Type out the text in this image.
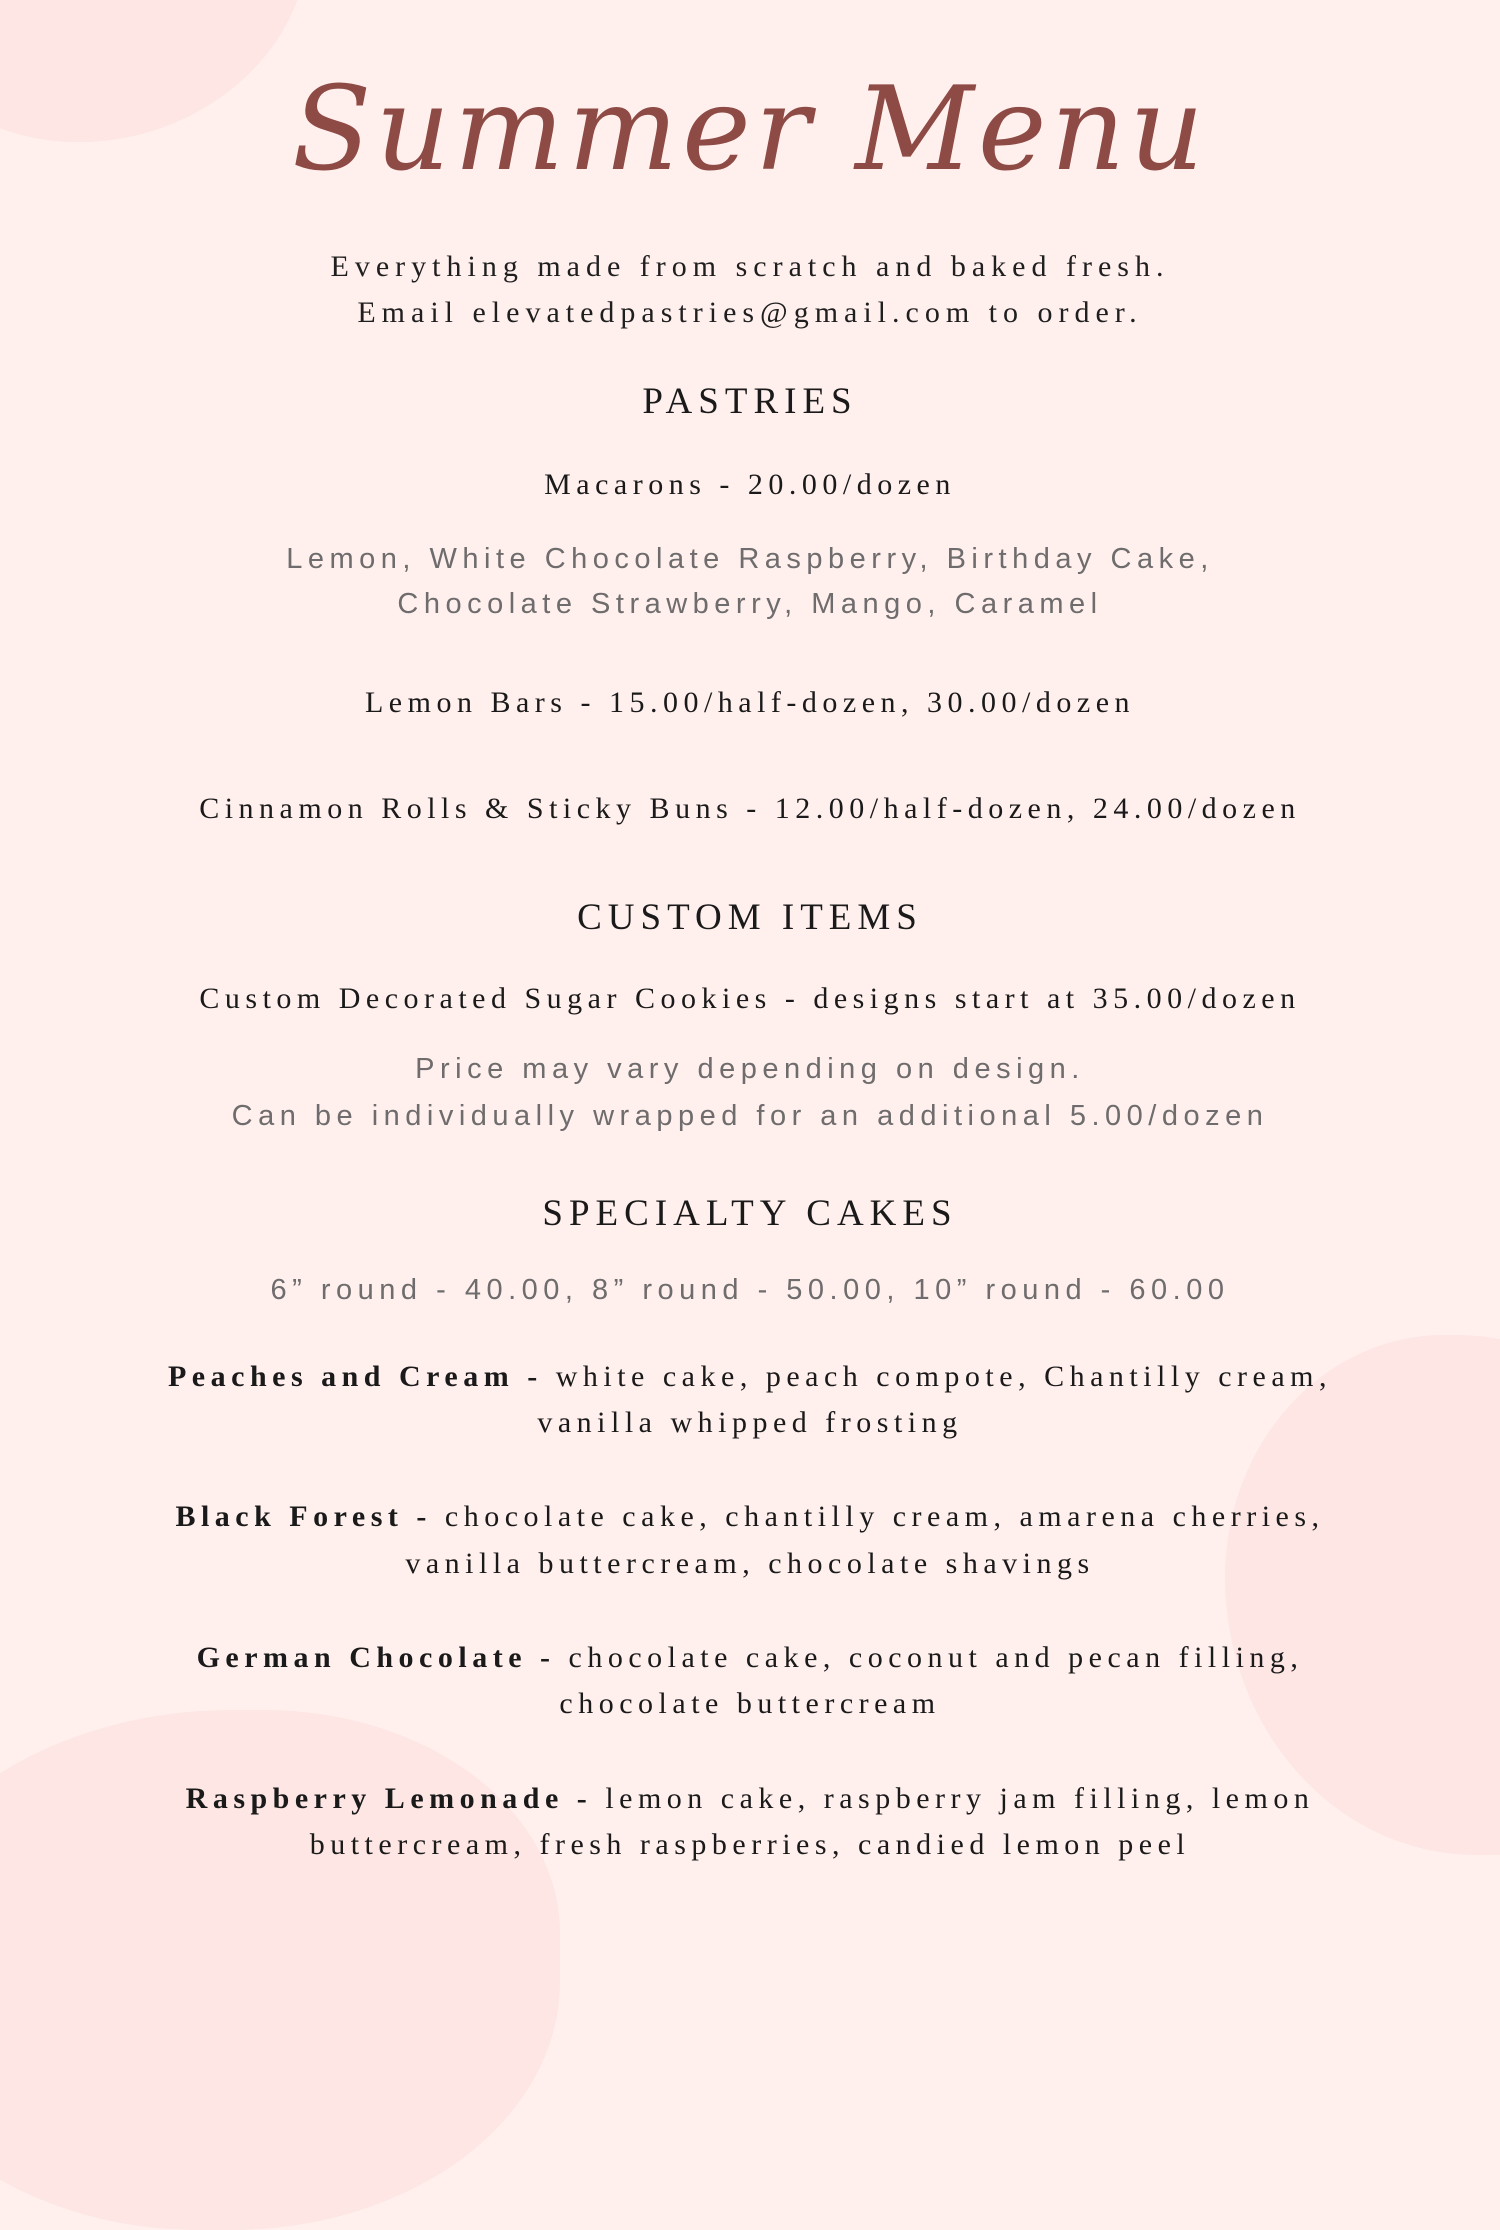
Summer Menu
Everything made from scratch and baked fresh.
Email elevatedpastries@gmail.com to order.
PASTRIES
Macarons - 20.00/dozen
Lemon, White Chocolate Raspberry, Birthday Cake,
Chocolate Strawberry, Mango, Caramel
Lemon Bars - 15.00/half-dozen, 30.00/dozen
Cinnamon Rolls & Sticky Buns - 12.00/half-dozen, 24.00/dozen
CUSTOM ITEMS
Custom Decorated Sugar Cookies - designs start at 35.00/dozen
Price may vary depending on design.
Can be individually wrapped for an additional 5.00/dozen
SPECIALTY CAKES
6” round - 40.00, 8” round - 50.00, 10” round - 60.00
Peaches and Cream - white cake, peach compote, Chantilly cream,
vanilla whipped frosting
Black Forest - chocolate cake, chantilly cream, amarena cherries,
vanilla buttercream, chocolate shavings
German Chocolate - chocolate cake, coconut and pecan filling,
chocolate buttercream
Raspberry Lemonade - lemon cake, raspberry jam filling, lemon
buttercream, fresh raspberries, candied lemon peel
